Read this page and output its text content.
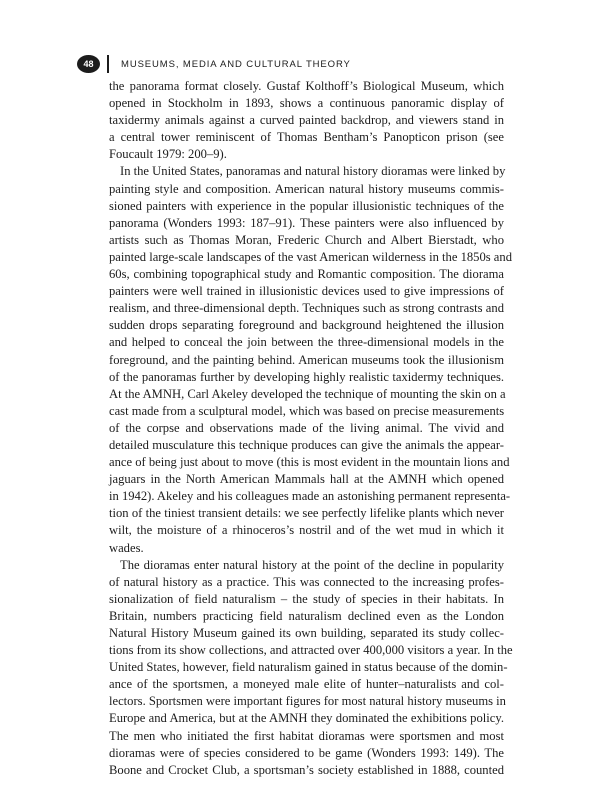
48	MUSEUMS, MEDIA AND CULTURAL THEORY
the panorama format closely. Gustaf Kolthoff’s Biological Museum, which
opened in Stockholm in 1893, shows a continuous panoramic display of
taxidermy animals against a curved painted backdrop, and viewers stand in
a central tower reminiscent of Thomas Bentham’s Panopticon prison (see
Foucault 1979: 200–9).
In the United States, panoramas and natural history dioramas were linked by
painting style and composition. American natural history museums commis-
sioned painters with experience in the popular illusionistic techniques of the
panorama (Wonders 1993: 187–91). These painters were also influenced by
artists such as Thomas Moran, Frederic Church and Albert Bierstadt, who
painted large-scale landscapes of the vast American wilderness in the 1850s and
60s, combining topographical study and Romantic composition. The diorama
painters were well trained in illusionistic devices used to give impressions of
realism, and three-dimensional depth. Techniques such as strong contrasts and
sudden drops separating foreground and background heightened the illusion
and helped to conceal the join between the three-dimensional models in the
foreground, and the painting behind. American museums took the illusionism
of the panoramas further by developing highly realistic taxidermy techniques.
At the AMNH, Carl Akeley developed the technique of mounting the skin on a
cast made from a sculptural model, which was based on precise measurements
of the corpse and observations made of the living animal. The vivid and
detailed musculature this technique produces can give the animals the appear-
ance of being just about to move (this is most evident in the mountain lions and
jaguars in the North American Mammals hall at the AMNH which opened
in 1942). Akeley and his colleagues made an astonishing permanent representa-
tion of the tiniest transient details: we see perfectly lifelike plants which never
wilt, the moisture of a rhinoceros’s nostril and of the wet mud in which it
wades.
The dioramas enter natural history at the point of the decline in popularity
of natural history as a practice. This was connected to the increasing profes-
sionalization of field naturalism – the study of species in their habitats. In
Britain, numbers practicing field naturalism declined even as the London
Natural History Museum gained its own building, separated its study collec-
tions from its show collections, and attracted over 400,000 visitors a year. In the
United States, however, field naturalism gained in status because of the domin-
ance of the sportsmen, a moneyed male elite of hunter–naturalists and col-
lectors. Sportsmen were important figures for most natural history museums in
Europe and America, but at the AMNH they dominated the exhibitions policy.
The men who initiated the first habitat dioramas were sportsmen and most
dioramas were of species considered to be game (Wonders 1993: 149). The
Boone and Crocket Club, a sportsman’s society established in 1888, counted
